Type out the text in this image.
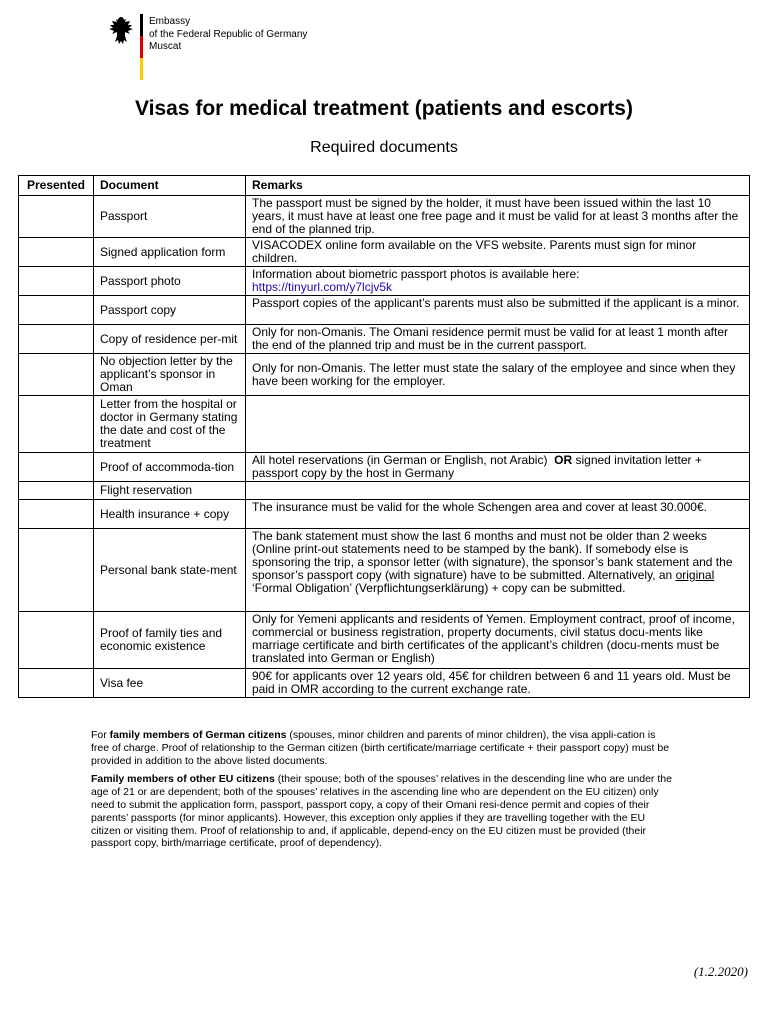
Embassy
of the Federal Republic of Germany
Muscat
Visas for medical treatment (patients and escorts)
Required documents
Presented	Document	Remarks
	Passport	The passport must be signed by the holder, it must have been issued within the last 10 years, it must have at least one free page and it must be valid for at least 3 months after the end of the planned trip.
	Signed application form	VISACODEX online form available on the VFS website. Parents must sign for minor children.
	Passport photo	Information about biometric passport photos is available here:
https://tinyurl.com/y7lcjv5k
	Passport copy	Passport copies of the applicant’s parents must also be submitted if the applicant is a minor.
	Copy of residence per-mit	Only for non-Omanis. The Omani residence permit must be valid for at least 1 month after the end of the planned trip and must be in the current passport.
	No objection letter by the applicant’s sponsor in Oman	Only for non-Omanis. The letter must state the salary of the employee and since when they have been working for the employer.
	Letter from the hospital or doctor in Germany stating the date and cost of the treatment	
	Proof of accommoda-tion	All hotel reservations (in German or English, not Arabic) OR signed invitation letter + passport copy by the host in Germany
	Flight reservation	
	Health insurance + copy	The insurance must be valid for the whole Schengen area and cover at least 30.000€.
	Personal bank state-ment	The bank statement must show the last 6 months and must not be older than 2 weeks (Online print-out statements need to be stamped by the bank). If somebody else is sponsoring the trip, a sponsor letter (with signature), the sponsor’s bank statement and the sponsor’s passport copy (with signature) have to be submitted. Alternatively, an original ‘Formal Obligation’ (Verpflichtungserklärung) + copy can be submitted.
	Proof of family ties and economic existence	Only for Yemeni applicants and residents of Yemen. Employment contract, proof of income, commercial or business registration, property documents, civil status docu-ments like marriage certificate and birth certificates of the applicant’s children (docu-ments must be translated into German or English)
	Visa fee	90€ for applicants over 12 years old, 45€ for children between 6 and 11 years old. Must be paid in OMR according to the current exchange rate.

For family members of German citizens (spouses, minor children and parents of minor children), the visa appli-cation is free of charge. Proof of relationship to the German citizen (birth certificate/marriage certificate + their passport copy) must be provided in addition to the above listed documents.

Family members of other EU citizens (their spouse; both of the spouses’ relatives in the descending line who are under the age of 21 or are dependent; both of the spouses’ relatives in the ascending line who are dependent on the EU citizen) only need to submit the application form, passport, passport copy, a copy of their Omani resi-dence permit and copies of their parents’ passports (for minor applicants). However, this exception only applies if they are travelling together with the EU citizen or visiting them. Proof of relationship to and, if applicable, depend-ency on the EU citizen must be provided (their passport copy, birth/marriage certificate, proof of dependency).

(1.2.2020)
